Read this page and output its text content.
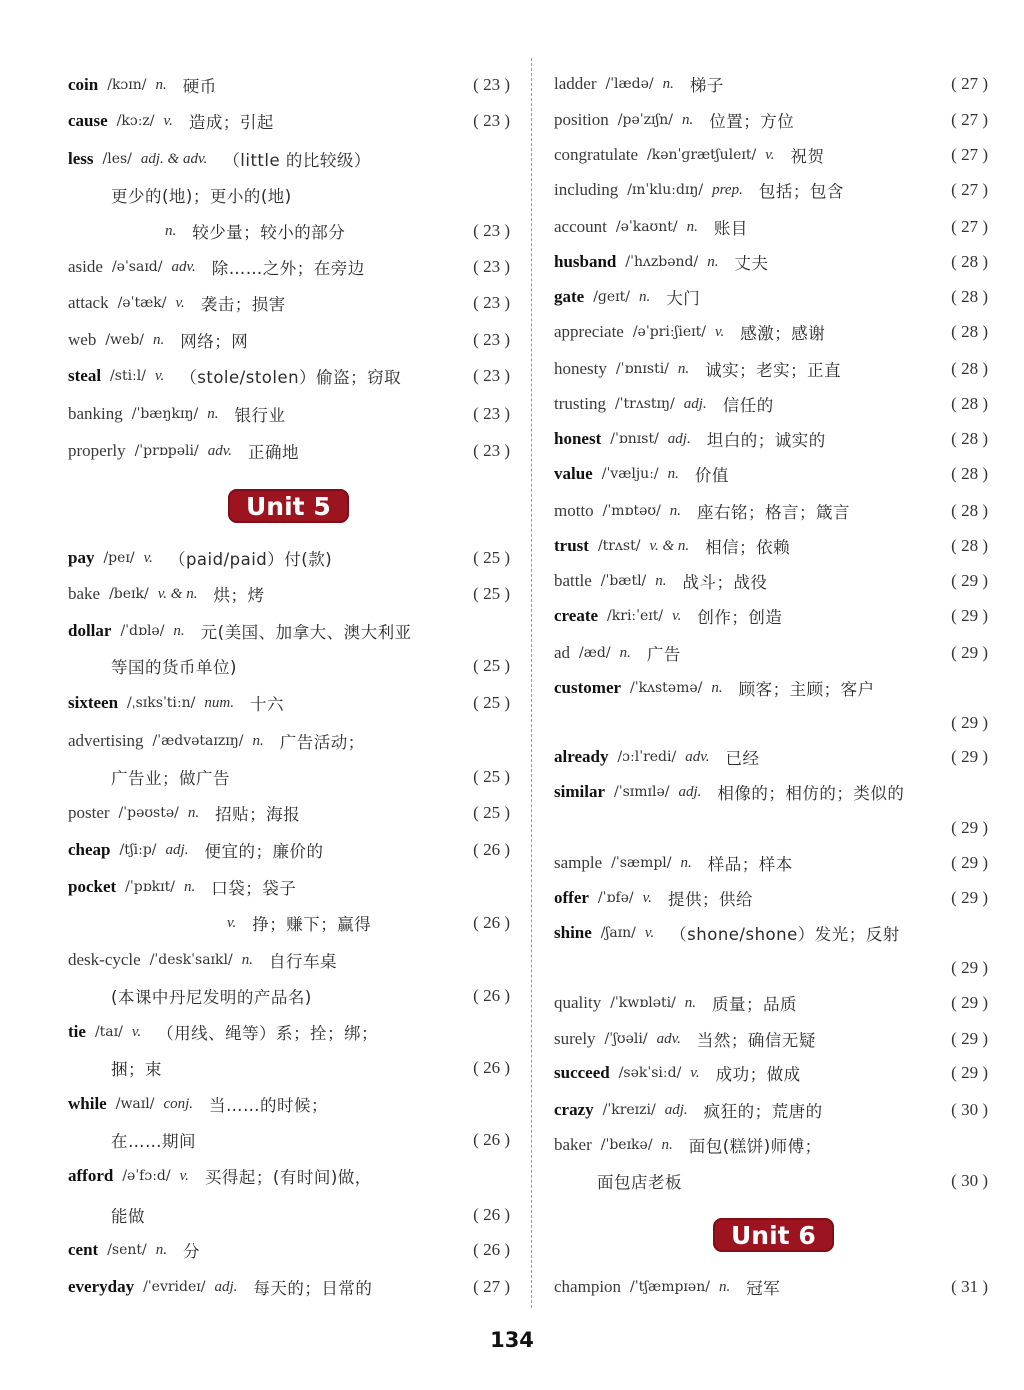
coin /kɔɪn/ n. 硬币	( 23 )
cause /kɔːz/ v. 造成；引起	( 23 )
less /les/ adj. & adv. （little 的比较级）
更少的(地)；更小的(地)
n. 较少量；较小的部分	( 23 )
aside /əˈsaɪd/ adv. 除……之外；在旁边	( 23 )
attack /əˈtæk/ v. 袭击；损害	( 23 )
web /web/ n. 网络；网	( 23 )
steal /stiːl/ v. （stole/stolen）偷盗；窃取	( 23 )
banking /ˈbæŋkɪŋ/ n. 银行业	( 23 )
properly /ˈprɒpəli/ adv. 正确地	( 23 )
Unit 5
pay /peɪ/ v. （paid/paid）付(款)	( 25 )
bake /beɪk/ v. & n. 烘；烤	( 25 )
dollar /ˈdɒlə/ n. 元(美国、加拿大、澳大利亚
等国的货币单位)	( 25 )
sixteen /ˌsɪksˈtiːn/ num. 十六	( 25 )
advertising /ˈædvətaɪzɪŋ/ n. 广告活动；
广告业；做广告	( 25 )
poster /ˈpəʊstə/ n. 招贴；海报	( 25 )
cheap /tʃiːp/ adj. 便宜的；廉价的	( 26 )
pocket /ˈpɒkɪt/ n. 口袋；袋子
v. 挣；赚下；赢得	( 26 )
desk-cycle /ˈdeskˈsaɪkl/ n. 自行车桌
(本课中丹尼发明的产品名)	( 26 )
tie /taɪ/ v. （用线、绳等）系；拴；绑；
捆；束	( 26 )
while /waɪl/ conj. 当……的时候；
在……期间	( 26 )
afford /əˈfɔːd/ v. 买得起；(有时间)做，
能做	( 26 )
cent /sent/ n. 分	( 26 )
everyday /ˈevrideɪ/ adj. 每天的；日常的	( 27 )
ladder /ˈlædə/ n. 梯子	( 27 )
position /pəˈzɪʃn/ n. 位置；方位	( 27 )
congratulate /kənˈɡrætʃuleɪt/ v. 祝贺	( 27 )
including /ɪnˈkluːdɪŋ/ prep. 包括；包含	( 27 )
account /əˈkaʊnt/ n. 账目	( 27 )
husband /ˈhʌzbənd/ n. 丈夫	( 28 )
gate /ɡeɪt/ n. 大门	( 28 )
appreciate /əˈpriːʃieɪt/ v. 感激；感谢	( 28 )
honesty /ˈɒnɪsti/ n. 诚实；老实；正直	( 28 )
trusting /ˈtrʌstɪŋ/ adj. 信任的	( 28 )
honest /ˈɒnɪst/ adj. 坦白的；诚实的	( 28 )
value /ˈvæljuː/ n. 价值	( 28 )
motto /ˈmɒtəʊ/ n. 座右铭；格言；箴言	( 28 )
trust /trʌst/ v. & n. 相信；依赖	( 28 )
battle /ˈbætl/ n. 战斗；战役	( 29 )
create /kriːˈeɪt/ v. 创作；创造	( 29 )
ad /æd/ n. 广告	( 29 )
customer /ˈkʌstəmə/ n. 顾客；主顾；客户
( 29 )
already /ɔːlˈredi/ adv. 已经	( 29 )
similar /ˈsɪmɪlə/ adj. 相像的；相仿的；类似的
( 29 )
sample /ˈsæmpl/ n. 样品；样本	( 29 )
offer /ˈɒfə/ v. 提供；供给	( 29 )
shine /ʃaɪn/ v. （shone/shone）发光；反射
( 29 )
quality /ˈkwɒləti/ n. 质量；品质	( 29 )
surely /ˈʃʊəli/ adv. 当然；确信无疑	( 29 )
succeed /səkˈsiːd/ v. 成功；做成	( 29 )
crazy /ˈkreɪzi/ adj. 疯狂的；荒唐的	( 30 )
baker /ˈbeɪkə/ n. 面包(糕饼)师傅；
面包店老板	( 30 )
Unit 6
champion /ˈtʃæmpɪən/ n. 冠军	( 31 )
134
